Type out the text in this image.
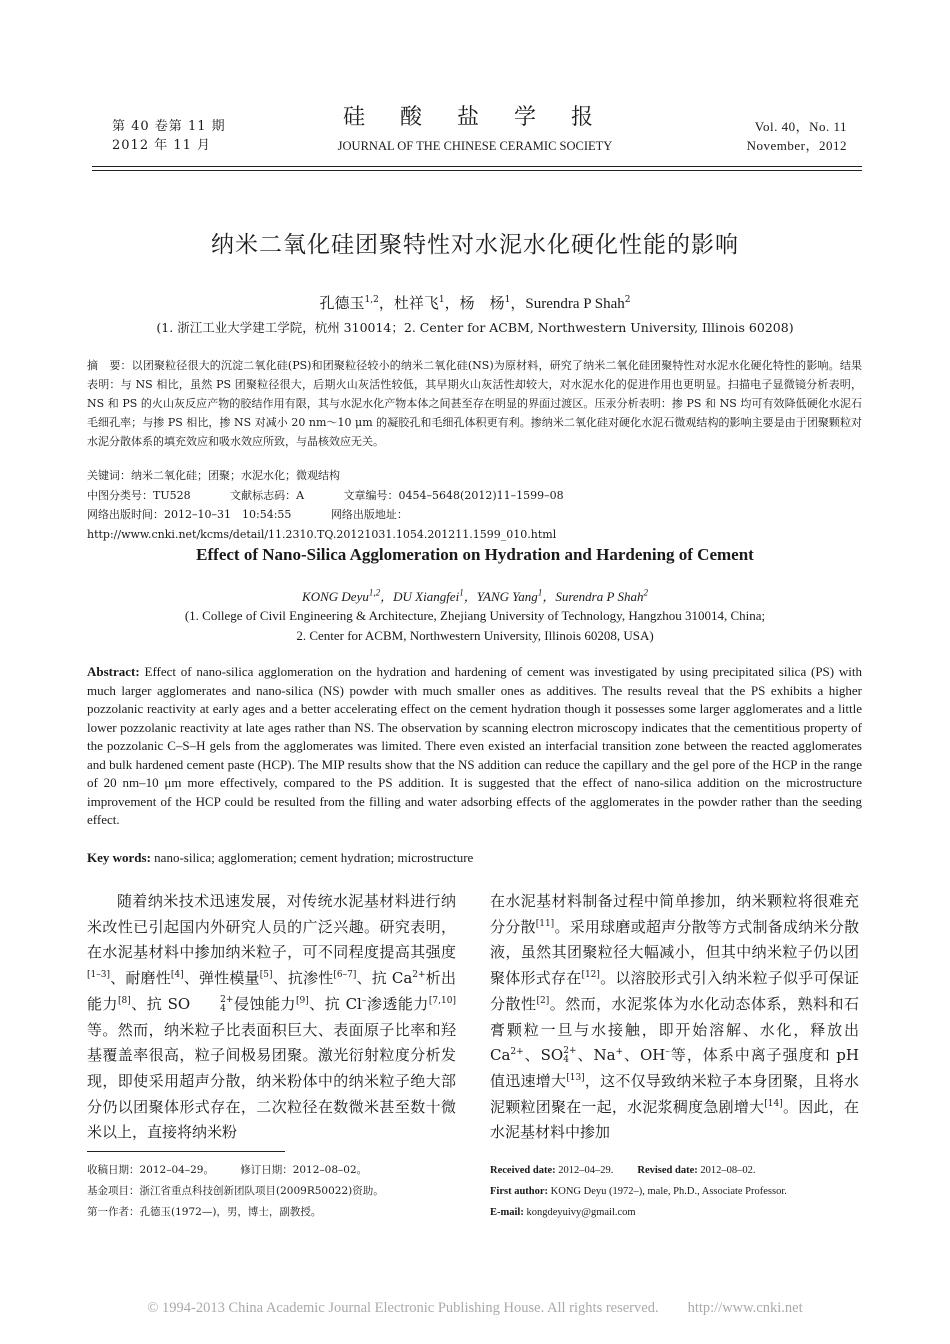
第 40 卷第 11 期
2012 年 11 月
硅 酸 盐 学 报
JOURNAL OF THE CHINESE CERAMIC SOCIETY
Vol. 40，No. 11
November，2012
纳米二氧化硅团聚特性对水泥水化硬化性能的影响
孔德玉$^{1,2}$，杜祥飞$^1$，杨　杨$^1$，Surendra P Shah$^2$
(1. 浙江工业大学建工学院，杭州 310014；2. Center for ACBM, Northwestern University, Illinois 60208)
摘　要：以团聚粒径很大的沉淀二氧化硅(PS)和团聚粒径较小的纳米二氧化硅(NS)为原材料，研究了纳米二氧化硅团聚特性对水泥水化硬化特性的影响。结果表明：与 NS 相比，虽然 PS 团聚粒径很大，后期火山灰活性较低，其早期火山灰活性却较大，对水泥水化的促进作用也更明显。扫描电子显微镜分析表明，NS 和 PS 的火山灰反应产物的胶结作用有限，其与水泥水化产物本体之间甚至存在明显的界面过渡区。压汞分析表明：掺 PS 和 NS 均可有效降低硬化水泥石毛细孔率；与掺 PS 相比，掺 NS 对减小 20 nm～10 μm 的凝胶孔和毛细孔体积更有利。掺纳米二氧化硅对硬化水泥石微观结构的影响主要是由于团聚颗粒对水泥分散体系的填充效应和吸水效应所致，与晶核效应无关。
关键词：纳米二氧化硅；团聚；水泥水化；微观结构
中图分类号：TU528	文献标志码：A	文章编号：0454–5648(2012)11–1599–08
网络出版时间：2012–10–31　10:54:55	网络出版地址：http://www.cnki.net/kcms/detail/11.2310.TQ.20121031.1054.201211.1599_010.html
Effect of Nano-Silica Agglomeration on Hydration and Hardening of Cement
KONG Deyu$^{1,2}$，DU Xiangfei$^1$，YANG Yang$^1$，Surendra P Shah$^2$
(1. College of Civil Engineering & Architecture, Zhejiang University of Technology, Hangzhou 310014, China;
2. Center for ACBM, Northwestern University, Illinois 60208, USA)
Abstract: Effect of nano-silica agglomeration on the hydration and hardening of cement was investigated by using precipitated silica (PS) with much larger agglomerates and nano-silica (NS) powder with much smaller ones as additives. The results reveal that the PS exhibits a higher pozzolanic reactivity at early ages and a better accelerating effect on the cement hydration though it possesses some larger agglomerates and a little lower pozzolanic reactivity at late ages rather than NS. The observation by scanning electron microscopy indicates that the cementitious property of the pozzolanic C–S–H gels from the agglomerates was limited. There even existed an interfacial transition zone between the reacted agglomerates and bulk hardened cement paste (HCP). The MIP results show that the NS addition can reduce the capillary and the gel pore of the HCP in the range of 20 nm–10 μm more effectively, compared to the PS addition. It is suggested that the effect of nano-silica addition on the microstructure improvement of the HCP could be resulted from the filling and water adsorbing effects of the agglomerates in the powder rather than the seeding effect.
Key words: nano-silica; agglomeration; cement hydration; microstructure
随着纳米技术迅速发展，对传统水泥基材料进行纳米改性已引起国内外研究人员的广泛兴趣。研究表明，在水泥基材料中掺加纳米粒子，可不同程度提高其强度[1–3]、耐磨性[4]、弹性模量[5]、抗渗性[6–7]、抗 $Ca^{2+}$析出能力[8]、抗 SO	2+
4 侵蚀能力[9]、抗 Cl–渗透能力[7,10]等。然而，纳米粒子比表面积巨大、表面原子比率和羟基覆盖率很高，粒子间极易团聚。激光衍射粒度分析发现，即使采用超声分散，纳米粉体中的纳米粒子绝大部分仍以团聚体形式存在，二次粒径在数微米甚至数十微米以上，直接将纳米粉
在水泥基材料制备过程中简单掺加，纳米颗粒将很难充分分散[11]。采用球磨或超声分散等方式制备成纳米分散液，虽然其团聚粒径大幅减小，但其中纳米粒子仍以团聚体形式存在[12]。以溶胶形式引入纳米粒子似乎可保证分散性[2]。然而，水泥浆体为水化动态体系，熟料和石膏颗粒一旦与水接触，即开始溶解、水化，释放出 $Ca^{2+}$、SO 2+
4 、Na+、OH–等，体系中离子强度和 pH 值迅速增大[13]，这不仅导致纳米粒子本身团聚，且将水泥颗粒团聚在一起，水泥浆稠度急剧增大[14]。因此，在水泥基材料中掺加
收稿日期：2012–04–29。　　　修订日期：2012–08–02。
基金项目：浙江省重点科技创新团队项目(2009R50022)资助。
第一作者：孔德玉(1972—)，男，博士，副教授。
Received date: 2012–04–29. Revised date: 2012–08–02.
First author: KONG Deyu (1972–), male, Ph.D., Associate Professor.
E-mail: kongdeyuivy@gmail.com
© 1994-2013 China Academic Journal Electronic Publishing House. All rights reserved.　　http://www.cnki.net
